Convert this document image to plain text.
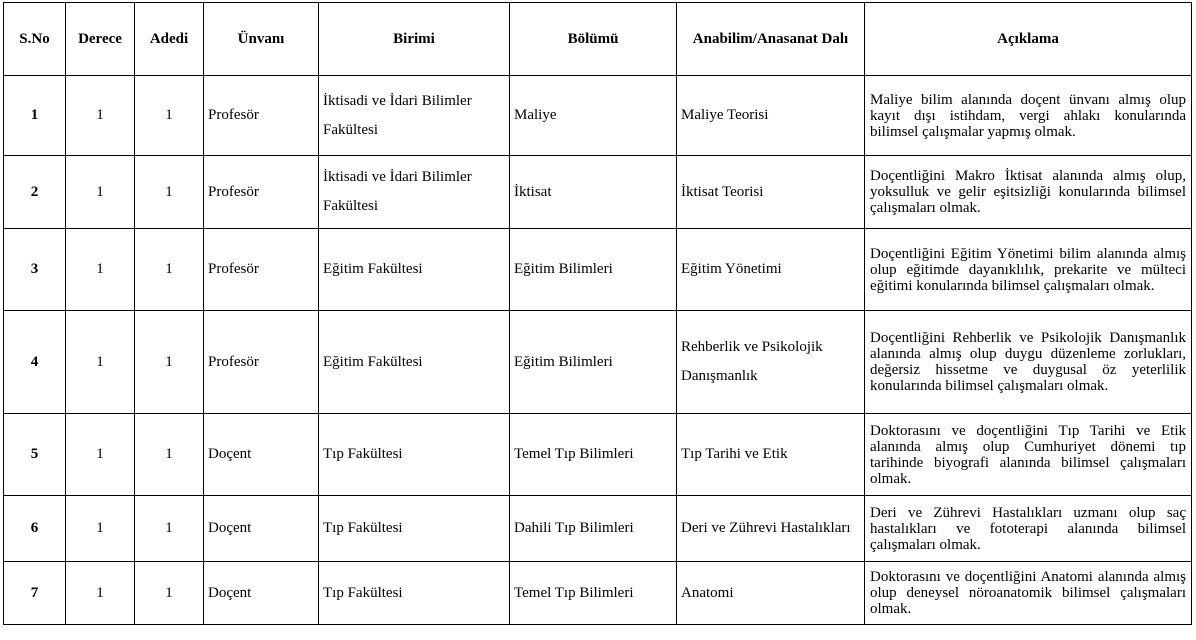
S.No	Derece	Adedi	Ünvanı	Birimi	Bölümü	Anabilim/Anasanat Dalı	Açıklama
1	1	1	Profesör	İktisadi ve İdari Bilimler Fakültesi	Maliye	Maliye Teorisi	Maliye bilim alanında doçent ünvanı almış olup kayıt dışı istihdam, vergi ahlakı konularında bilimsel çalışmalar yapmış olmak.
2	1	1	Profesör	İktisadi ve İdari Bilimler Fakültesi	İktisat	İktisat Teorisi	Doçentliğini Makro İktisat alanında almış olup, yoksulluk ve gelir eşitsizliği konularında bilimsel çalışmaları olmak.
3	1	1	Profesör	Eğitim Fakültesi	Eğitim Bilimleri	Eğitim Yönetimi	Doçentliğini Eğitim Yönetimi bilim alanında almış olup eğitimde dayanıklılık, prekarite ve mülteci eğitimi konularında bilimsel çalışmaları olmak.
4	1	1	Profesör	Eğitim Fakültesi	Eğitim Bilimleri	Rehberlik ve Psikolojik Danışmanlık	Doçentliğini Rehberlik ve Psikolojik Danışmanlık alanında almış olup duygu düzenleme zorlukları, değersiz hissetme ve duygusal öz yeterlilik konularında bilimsel çalışmaları olmak.
5	1	1	Doçent	Tıp Fakültesi	Temel Tıp Bilimleri	Tıp Tarihi ve Etik	Doktorasını ve doçentliğini Tıp Tarihi ve Etik alanında almış olup Cumhuriyet dönemi tıp tarihinde biyografi alanında bilimsel çalışmaları olmak.
6	1	1	Doçent	Tıp Fakültesi	Dahili Tıp Bilimleri	Deri ve Zührevi Hastalıkları	Deri ve Zührevi Hastalıkları uzmanı olup saç hastalıkları ve fototerapi alanında bilimsel çalışmaları olmak.
7	1	1	Doçent	Tıp Fakültesi	Temel Tıp Bilimleri	Anatomi	Doktorasını ve doçentliğini Anatomi alanında almış olup deneysel nöroanatomik bilimsel çalışmaları olmak.
